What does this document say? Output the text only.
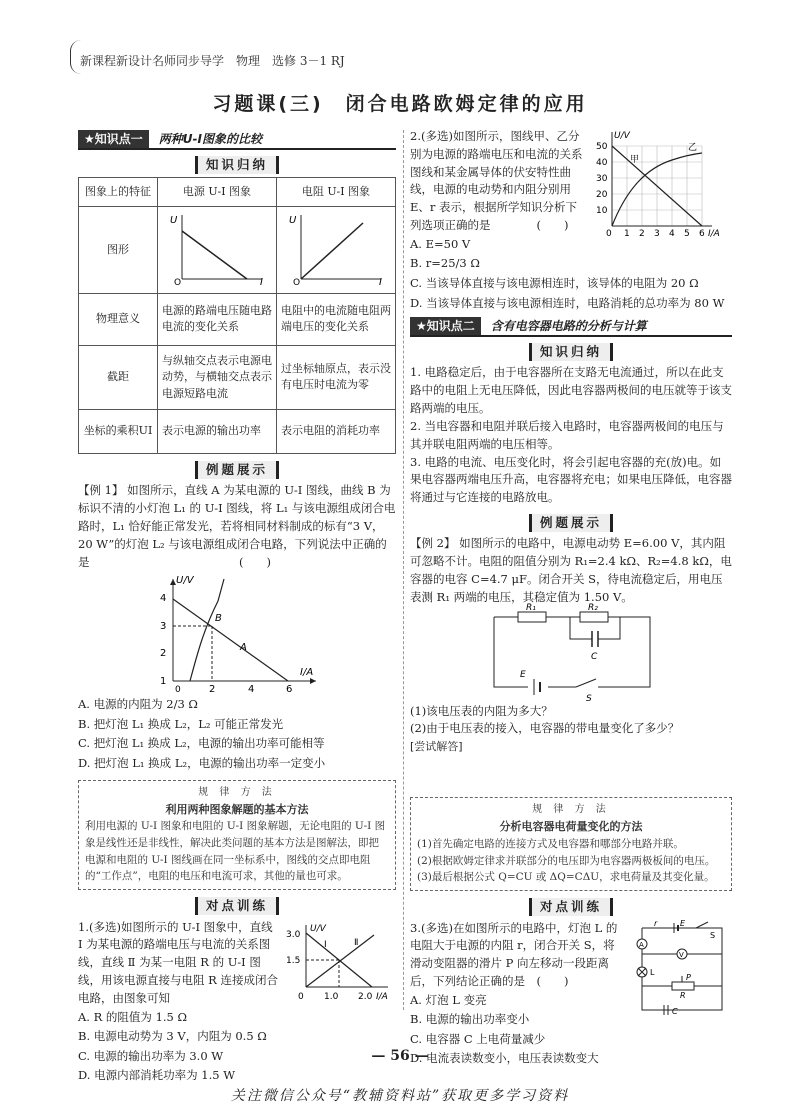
新课程新设计名师同步导学　物理　选修 3－1 RJ
习题课(三)　闭合电路欧姆定律的应用
★知识点一 两种U-I图象的比较
知识归纳
图象上的特征	电源 U-I 图象	电阻 U-I 图象
图形	U
O I	U
O I

物理意义	电源的路端电压随电路电流的变化关系	电阻中的电流随电阻两端电压的变化关系
截距	与纵轴交点表示电源电动势，与横轴交点表示电源短路电流	过坐标轴原点，表示没有电压时电流为零
坐标的乘积UI	表示电源的输出功率	表示电阻的消耗功率
例题展示

【例 1】 如图所示，直线 A 为某电源的 U-I 图线，曲线 B 为标识不清的小灯泡 L₁ 的 U-I 图线，将 L₁ 与该电源组成闭合电路时，L₁ 恰好能正常发光，若将相同材料制成的标有“3 V，20 W”的灯泡 L₂ 与该电源组成闭合电路，下列说法中正确的是　　　　　　　　　　　　　(　　)

U/V
I/A
1
2
3
4
0	2	4	6
B
A

A. 电源的内阻为 2/3 Ω

B. 把灯泡 L₁ 换成 L₂，L₂ 可能正常发光

C. 把灯泡 L₁ 换成 L₂，电源的输出功率可能相等

D. 把灯泡 L₁ 换成 L₂，电源的输出功率一定变小

规 律 方 法
利用两种图象解题的基本方法

利用电源的 U-I 图象和电阻的 U-I 图象解题，无论电阻的 U-I 图象是线性还是非线性，解决此类问题的基本方法是图解法，即把电源和电阻的 U-I 图线画在同一坐标系中，图线的交点即电阻的“工作点”，电阻的电压和电流可求，其他的量也可求。

对点训练

1.(多选)如图所示的 U-I 图象中，直线 Ⅰ 为某电源的路端电压与电流的关系图线，直线 Ⅱ 为某一电阻 R 的 U-I 图线，用该电源直接与电阻 R 连接成闭合电路，由图象可知

U/V
I/A
3.0
1.5
0 1.0 2.0
Ⅰ	Ⅱ

A. R 的阻值为 1.5 Ω

B. 电源电动势为 3 V，内阻为 0.5 Ω

C. 电源的输出功率为 3.0 W

D. 电源内部消耗功率为 1.5 W

2.(多选)如图所示，图线甲、乙分别为电源的路端电压和电流的关系图线和某金属导体的伏安特性曲线，电源的电动势和内阻分别用 E、r 表示，根据所学知识分析下列选项正确的是　　　　(　　)

U/V
I/A
50
40
30
20
10
0 1 2 3 4 5 6
甲
乙

A. E=50 V

B. r=25/3 Ω

C. 当该导体直接与该电源相连时，该导体的电阻为 20 Ω

D. 当该导体直接与该电源相连时，电路消耗的总功率为 80 W

★知识点二 含有电容器电路的分析与计算
知识归纳

1. 电路稳定后，由于电容器所在支路无电流通过，所以在此支路中的电阻上无电压降低，因此电容器两极间的电压就等于该支路两端的电压。

2. 当电容器和电阻并联后接入电路时，电容器两极间的电压与其并联电阻两端的电压相等。

3. 电路的电流、电压变化时，将会引起电容器的充(放)电。如果电容器两端电压升高，电容器将充电；如果电压降低，电容器将通过与它连接的电路放电。

例题展示

【例 2】 如图所示的电路中，电源电动势 E=6.00 V，其内阻可忽略不计。电阻的阻值分别为 R₁=2.4 kΩ、R₂=4.8 kΩ，电容器的电容 C=4.7 μF。闭合开关 S，待电流稳定后，用电压表测 R₁ 两端的电压，其稳定值为 1.50 V。

R₁	R₂
C
E
S

(1)该电压表的内阻为多大？

(2)由于电压表的接入，电容器的带电量变化了多少？

[尝试解答]

规 律 方 法
分析电容器电荷量变化的方法

(1)首先确定电路的连接方式及电容器和哪部分电路并联。

(2)根据欧姆定律求并联部分的电压即为电容器两极板间的电压。

(3)最后根据公式 Q=CU 或 ΔQ=CΔU，求电荷量及其变化量。

对点训练

3.(多选)在如图所示的电路中，灯泡 L 的电阻大于电源的内阻 r，闭合开关 S，将滑动变阻器的滑片 P 向左移动一段距离后，下列结论正确的是　(　　)

r	E
S
A
V
L
P
R
C

A. 灯泡 L 变亮

B. 电源的输出功率变小

C. 电容器 C 上电荷量减少

D. 电流表读数变小，电压表读数变大

— 56 —
关注微信公众号“教辅资料站”获取更多学习资料
